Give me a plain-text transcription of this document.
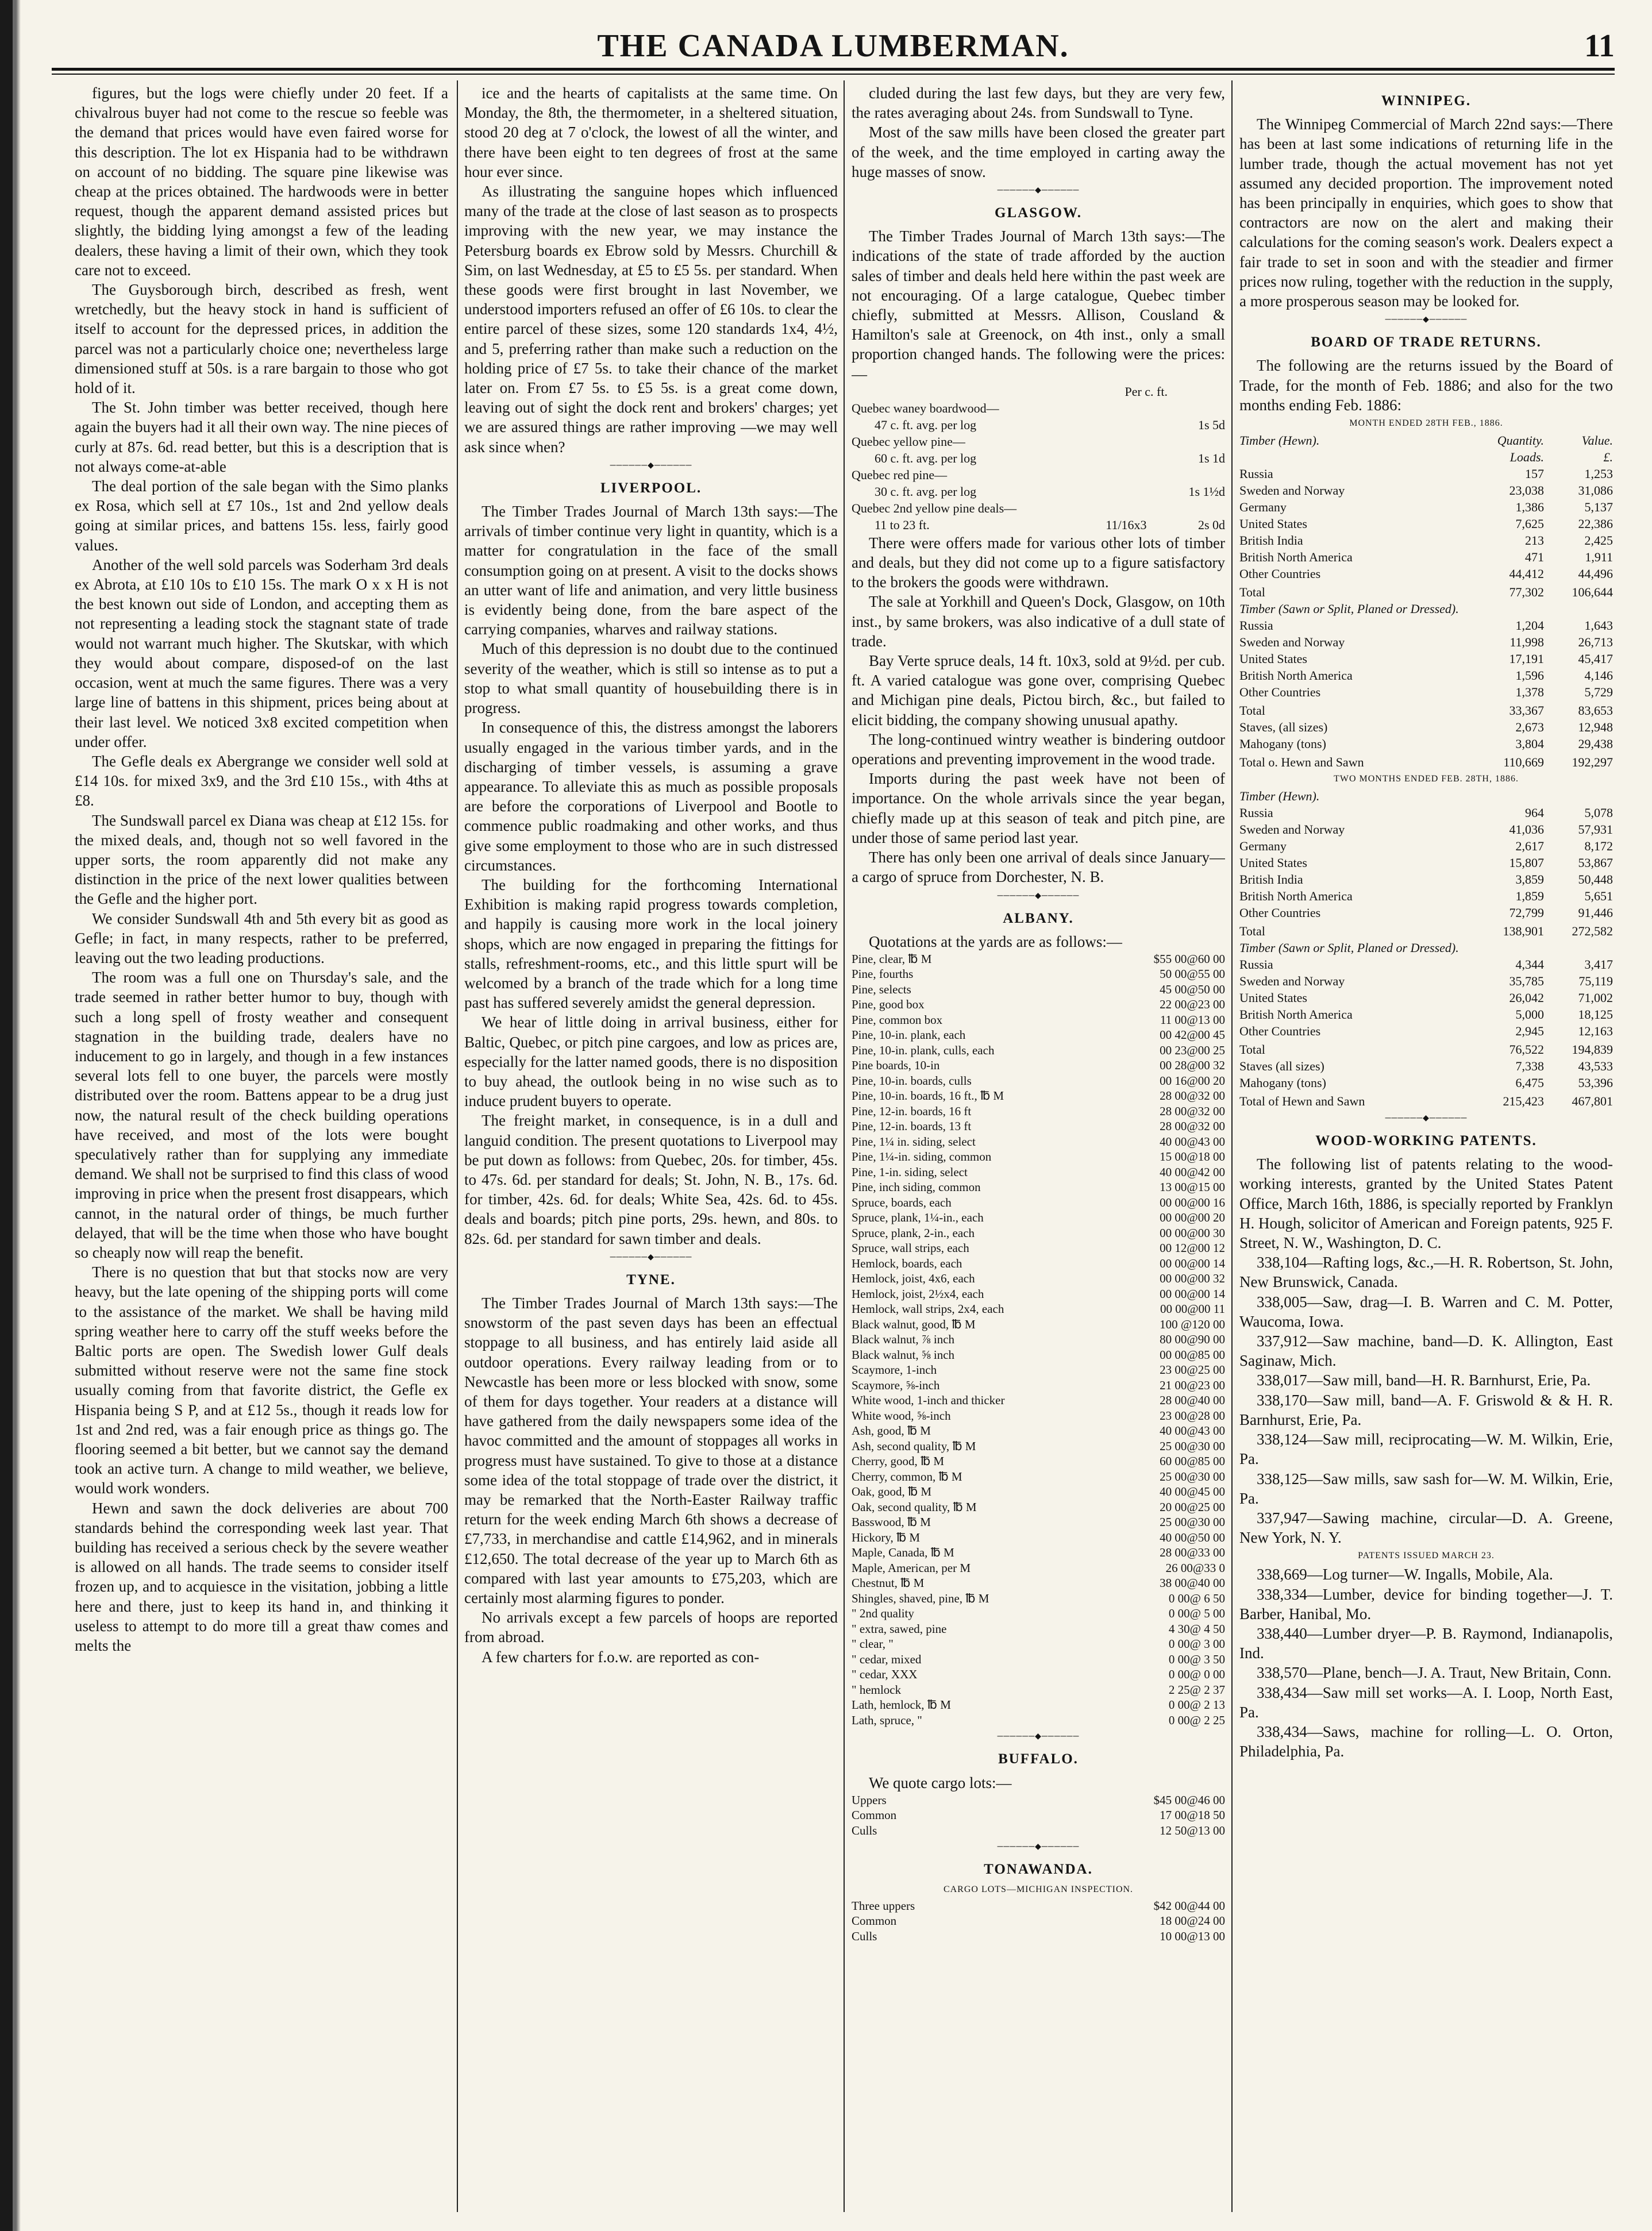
THE CANADA LUMBERMAN.	11

figures, but the logs were chiefly under 20 feet. If a chivalrous buyer had not come to the rescue so feeble was the demand that prices would have even faired worse for this description. The lot ex Hispania had to be withdrawn on account of no bidding. The square pine likewise was cheap at the prices obtained. The hardwoods were in better request, though the apparent demand assisted prices but slightly, the bidding lying amongst a few of the leading dealers, these having a limit of their own, which they took care not to exceed.

The Guysborough birch, described as fresh, went wretchedly, but the heavy stock in hand is sufficient of itself to account for the depressed prices, in addition the parcel was not a particularly choice one; nevertheless large dimensioned stuff at 50s. is a rare bargain to those who got hold of it.

The St. John timber was better received, though here again the buyers had it all their own way. The nine pieces of curly at 87s. 6d. read better, but this is a description that is not always come-at-able

The deal portion of the sale began with the Simo planks ex Rosa, which sell at £7 10s., 1st and 2nd yellow deals going at similar prices, and battens 15s. less, fairly good values.

Another of the well sold parcels was Soderham 3rd deals ex Abrota, at £10 10s to £10 15s. The mark O x x H is not the best known out side of London, and accepting them as not representing a leading stock the stagnant state of trade would not warrant much higher. The Skutskar, with which they would about compare, disposed-of on the last occasion, went at much the same figures. There was a very large line of battens in this shipment, prices being about at their last level. We noticed 3x8 excited competition when under offer.

The Gefle deals ex Abergrange we consider well sold at £14 10s. for mixed 3x9, and the 3rd £10 15s., with 4ths at £8.

The Sundswall parcel ex Diana was cheap at £12 15s. for the mixed deals, and, though not so well favored in the upper sorts, the room apparently did not make any distinction in the price of the next lower qualities between the Gefle and the higher port.

We consider Sundswall 4th and 5th every bit as good as Gefle; in fact, in many respects, rather to be preferred, leaving out the two leading productions.

The room was a full one on Thursday's sale, and the trade seemed in rather better humor to buy, though with such a long spell of frosty weather and consequent stagnation in the building trade, dealers have no inducement to go in largely, and though in a few instances several lots fell to one buyer, the parcels were mostly distributed over the room. Battens appear to be a drug just now, the natural result of the check building operations have received, and most of the lots were bought speculatively rather than for supplying any immediate demand. We shall not be surprised to find this class of wood improving in price when the present frost disappears, which cannot, in the natural order of things, be much further delayed, that will be the time when those who have bought so cheaply now will reap the benefit.

There is no question that but that stocks now are very heavy, but the late opening of the shipping ports will come to the assistance of the market. We shall be having mild spring weather here to carry off the stuff weeks before the Baltic ports are open. The Swedish lower Gulf deals submitted without reserve were not the same fine stock usually coming from that favorite district, the Gefle ex Hispania being S P, and at £12 5s., though it reads low for 1st and 2nd red, was a fair enough price as things go. The flooring seemed a bit better, but we cannot say the demand took an active turn. A change to mild weather, we believe, would work wonders.

Hewn and sawn the dock deliveries are about 700 standards behind the corresponding week last year. That building has received a serious check by the severe weather is allowed on all hands. The trade seems to consider itself frozen up, and to acquiesce in the visitation, jobbing a little here and there, just to keep its hand in, and thinking it useless to attempt to do more till a great thaw comes and melts the

ice and the hearts of capitalists at the same time. On Monday, the 8th, the thermometer, in a sheltered situation, stood 20 deg at 7 o'clock, the lowest of all the winter, and there have been eight to ten degrees of frost at the same hour ever since.

As illustrating the sanguine hopes which influenced many of the trade at the close of last season as to prospects improving with the new year, we may instance the Petersburg boards ex Ebrow sold by Messrs. Churchill & Sim, on last Wednesday, at £5 to £5 5s. per standard. When these goods were first brought in last November, we understood importers refused an offer of £6 10s. to clear the entire parcel of these sizes, some 120 standards 1x4, 4½, and 5, preferring rather than make such a reduction on the holding price of £7 5s. to take their chance of the market later on. From £7 5s. to £5 5s. is a great come down, leaving out of sight the dock rent and brokers' charges; yet we are assured things are rather improving —we may well ask since when?

──────◆──────
LIVERPOOL.

The Timber Trades Journal of March 13th says:—The arrivals of timber continue very light in quantity, which is a matter for congratulation in the face of the small consumption going on at present. A visit to the docks shows an utter want of life and animation, and very little business is evidently being done, from the bare aspect of the carrying companies, wharves and railway stations.

Much of this depression is no doubt due to the continued severity of the weather, which is still so intense as to put a stop to what small quantity of housebuilding there is in progress.

In consequence of this, the distress amongst the laborers usually engaged in the various timber yards, and in the discharging of timber vessels, is assuming a grave appearance. To alleviate this as much as possible proposals are before the corporations of Liverpool and Bootle to commence public roadmaking and other works, and thus give some employment to those who are in such distressed circumstances.

The building for the forthcoming International Exhibition is making rapid progress towards completion, and happily is causing more work in the local joinery shops, which are now engaged in preparing the fittings for stalls, refreshment-rooms, etc., and this little spurt will be welcomed by a branch of the trade which for a long time past has suffered severely amidst the general depression.

We hear of little doing in arrival business, either for Baltic, Quebec, or pitch pine cargoes, and low as prices are, especially for the latter named goods, there is no disposition to buy ahead, the outlook being in no wise such as to induce prudent buyers to operate.

The freight market, in consequence, is in a dull and languid condition. The present quotations to Liverpool may be put down as follows: from Quebec, 20s. for timber, 45s. to 47s. 6d. per standard for deals; St. John, N. B., 17s. 6d. for timber, 42s. 6d. for deals; White Sea, 42s. 6d. to 45s. deals and boards; pitch pine ports, 29s. hewn, and 80s. to 82s. 6d. per standard for sawn timber and deals.

──────◆──────
TYNE.

The Timber Trades Journal of March 13th says:—The snowstorm of the past seven days has been an effectual stoppage to all business, and has entirely laid aside all outdoor operations. Every railway leading from or to Newcastle has been more or less blocked with snow, some of them for days together. Your readers at a distance will have gathered from the daily newspapers some idea of the havoc committed and the amount of stoppages all works in progress must have sustained. To give to those at a distance some idea of the total stoppage of trade over the district, it may be remarked that the North-Easter Railway traffic return for the week ending March 6th shows a decrease of £7,733, in merchandise and cattle £14,962, and in minerals £12,650. The total decrease of the year up to March 6th as compared with last year amounts to £75,203, which are certainly most alarming figures to ponder.

No arrivals except a few parcels of hoops are reported from abroad.

A few charters for f.o.w. are reported as con-

cluded during the last few days, but they are very few, the rates averaging about 24s. from Sundswall to Tyne.

Most of the saw mills have been closed the greater part of the week, and the time employed in carting away the huge masses of snow.

──────◆──────
GLASGOW.

The Timber Trades Journal of March 13th says:—The indications of the state of trade afforded by the auction sales of timber and deals held here within the past week are not encouraging. Of a large catalogue, Quebec timber chiefly, submitted at Messrs. Allison, Cousland & Hamilton's sale at Greenock, on 4th inst., only a small proportion changed hands. The following were the prices:—

Per c. ft.
Quebec waney boardwood—		
47 c. ft. avg. per log		1s 5d
Quebec yellow pine—		
60 c. ft. avg. per log		1s 1d
Quebec red pine—		
30 c. ft. avg. per log		1s 1½d
Quebec 2nd yellow pine deals—		
11 to 23 ft.	11/16x3	2s 0d

There were offers made for various other lots of timber and deals, but they did not come up to a figure satisfactory to the brokers the goods were withdrawn.

The sale at Yorkhill and Queen's Dock, Glasgow, on 10th inst., by same brokers, was also indicative of a dull state of trade.

Bay Verte spruce deals, 14 ft. 10x3, sold at 9½d. per cub. ft. A varied catalogue was gone over, comprising Quebec and Michigan pine deals, Pictou birch, &c., but failed to elicit bidding, the company showing unusual apathy.

The long-continued wintry weather is bindering outdoor operations and preventing improvement in the wood trade.

Imports during the past week have not been of importance. On the whole arrivals since the year began, chiefly made up at this season of teak and pitch pine, are under those of same period last year.

There has only been one arrival of deals since January—a cargo of spruce from Dorchester, N. B.

──────◆──────
ALBANY.

Quotations at the yards are as follows:—

Pine, clear, ℔ M	$55 00@60 00
Pine, fourths	50 00@55 00
Pine, selects	45 00@50 00
Pine, good box	22 00@23 00
Pine, common box	11 00@13 00
Pine, 10-in. plank, each	00 42@00 45
Pine, 10-in. plank, culls, each	00 23@00 25
Pine boards, 10-in	00 28@00 32
Pine, 10-in. boards, culls	00 16@00 20
Pine, 10-in. boards, 16 ft., ℔ M	28 00@32 00
Pine, 12-in. boards, 16 ft	28 00@32 00
Pine, 12-in. boards, 13 ft	28 00@32 00
Pine, 1¼ in. siding, select	40 00@43 00
Pine, 1¼-in. siding, common	15 00@18 00
Pine, 1-in. siding, select	40 00@42 00
Pine, inch siding, common	13 00@15 00
Spruce, boards, each	00 00@00 16
Spruce, plank, 1¼-in., each	00 00@00 20
Spruce, plank, 2-in., each	00 00@00 30
Spruce, wall strips, each	00 12@00 12
Hemlock, boards, each	00 00@00 14
Hemlock, joist, 4x6, each	00 00@00 32
Hemlock, joist, 2½x4, each	00 00@00 14
Hemlock, wall strips, 2x4, each	00 00@00 11
Black walnut, good, ℔ M	100 @120 00
Black walnut, ⅞ inch	80 00@90 00
Black walnut, ⅝ inch	00 00@85 00
Scaymore, 1-inch	23 00@25 00
Scaymore, ⅝-inch	21 00@23 00
White wood, 1-inch and thicker	28 00@40 00
White wood, ⅝-inch	23 00@28 00
Ash, good, ℔ M	40 00@43 00
Ash, second quality, ℔ M	25 00@30 00
Cherry, good, ℔ M	60 00@85 00
Cherry, common, ℔ M	25 00@30 00
Oak, good, ℔ M	40 00@45 00
Oak, second quality, ℔ M	20 00@25 00
Basswood, ℔ M	25 00@30 00
Hickory, ℔ M	40 00@50 00
Maple, Canada, ℔ M	28 00@33 00
Maple, American, per M	26 00@33 0
Chestnut, ℔ M	38 00@40 00
Shingles, shaved, pine, ℔ M	0 00@ 6 50
" 2nd quality	0 00@ 5 00
" extra, sawed, pine	4 30@ 4 50
" clear, "	0 00@ 3 00
" cedar, mixed	0 00@ 3 50
" cedar, XXX	0 00@ 0 00
" hemlock	2 25@ 2 37
Lath, hemlock, ℔ M	0 00@ 2 13
Lath, spruce, "	0 00@ 2 25
──────◆──────
BUFFALO.

We quote cargo lots:—

Uppers	$45 00@46 00
Common	17 00@18 50
Culls	12 50@13 00
──────◆──────
TONAWANDA.
CARGO LOTS—MICHIGAN INSPECTION.
Three uppers	$42 00@44 00
Common	18 00@24 00
Culls	10 00@13 00
WINNIPEG.

The Winnipeg Commercial of March 22nd says:—There has been at last some indications of returning life in the lumber trade, though the actual movement has not yet assumed any decided proportion. The improvement noted has been principally in enquiries, which goes to show that contractors are now on the alert and making their calculations for the coming season's work. Dealers expect a fair trade to set in soon and with the steadier and firmer prices now ruling, together with the reduction in the supply, a more prosperous season may be looked for.

──────◆──────
BOARD OF TRADE RETURNS.

The following are the returns issued by the Board of Trade, for the month of Feb. 1886; and also for the two months ending Feb. 1886:

MONTH ENDED 28TH FEB., 1886.
Timber (Hewn).	Quantity.	Value.
	Loads.	£.
Russia	157	1,253
Sweden and Norway	23,038	31,086
Germany	1,386	5,137
United States	7,625	22,386
British India	213	2,425
British North America	471	1,911
Other Countries	44,412	44,496
Total	77,302	106,644
Timber (Sawn or Split, Planed or Dressed).		
Russia	1,204	1,643
Sweden and Norway	11,998	26,713
United States	17,191	45,417
British North America	1,596	4,146
Other Countries	1,378	5,729
Total	33,367	83,653
Staves, (all sizes)	2,673	12,948
Mahogany (tons)	3,804	29,438
Total o. Hewn and Sawn	110,669	192,297
TWO MONTHS ENDED FEB. 28TH, 1886.
Timber (Hewn).		
Russia	964	5,078
Sweden and Norway	41,036	57,931
Germany	2,617	8,172
United States	15,807	53,867
British India	3,859	50,448
British North America	1,859	5,651
Other Countries	72,799	91,446
Total	138,901	272,582
Timber (Sawn or Split, Planed or Dressed).		
Russia	4,344	3,417
Sweden and Norway	35,785	75,119
United States	26,042	71,002
British North America	5,000	18,125
Other Countries	2,945	12,163
Total	76,522	194,839
Staves (all sizes)	7,338	43,533
Mahogany (tons)	6,475	53,396
Total of Hewn and Sawn	215,423	467,801
──────◆──────
WOOD-WORKING PATENTS.

The following list of patents relating to the wood-working interests, granted by the United States Patent Office, March 16th, 1886, is specially reported by Franklyn H. Hough, solicitor of American and Foreign patents, 925 F. Street, N. W., Washington, D. C.

338,104—Rafting logs, &c.,—H. R. Robertson, St. John, New Brunswick, Canada.

338,005—Saw, drag—I. B. Warren and C. M. Potter, Waucoma, Iowa.

337,912—Saw machine, band—D. K. Allington, East Saginaw, Mich.

338,017—Saw mill, band—H. R. Barnhurst, Erie, Pa.

338,170—Saw mill, band—A. F. Griswold & & H. R. Barnhurst, Erie, Pa.

338,124—Saw mill, reciprocating—W. M. Wilkin, Erie, Pa.

338,125—Saw mills, saw sash for—W. M. Wilkin, Erie, Pa.

337,947—Sawing machine, circular—D. A. Greene, New York, N. Y.

PATENTS ISSUED MARCH 23.

338,669—Log turner—W. Ingalls, Mobile, Ala.

338,334—Lumber, device for binding together—J. T. Barber, Hanibal, Mo.

338,440—Lumber dryer—P. B. Raymond, Indianapolis, Ind.

338,570—Plane, bench—J. A. Traut, New Britain, Conn.

338,434—Saw mill set works—A. I. Loop, North East, Pa.

338,434—Saws, machine for rolling—L. O. Orton, Philadelphia, Pa.
